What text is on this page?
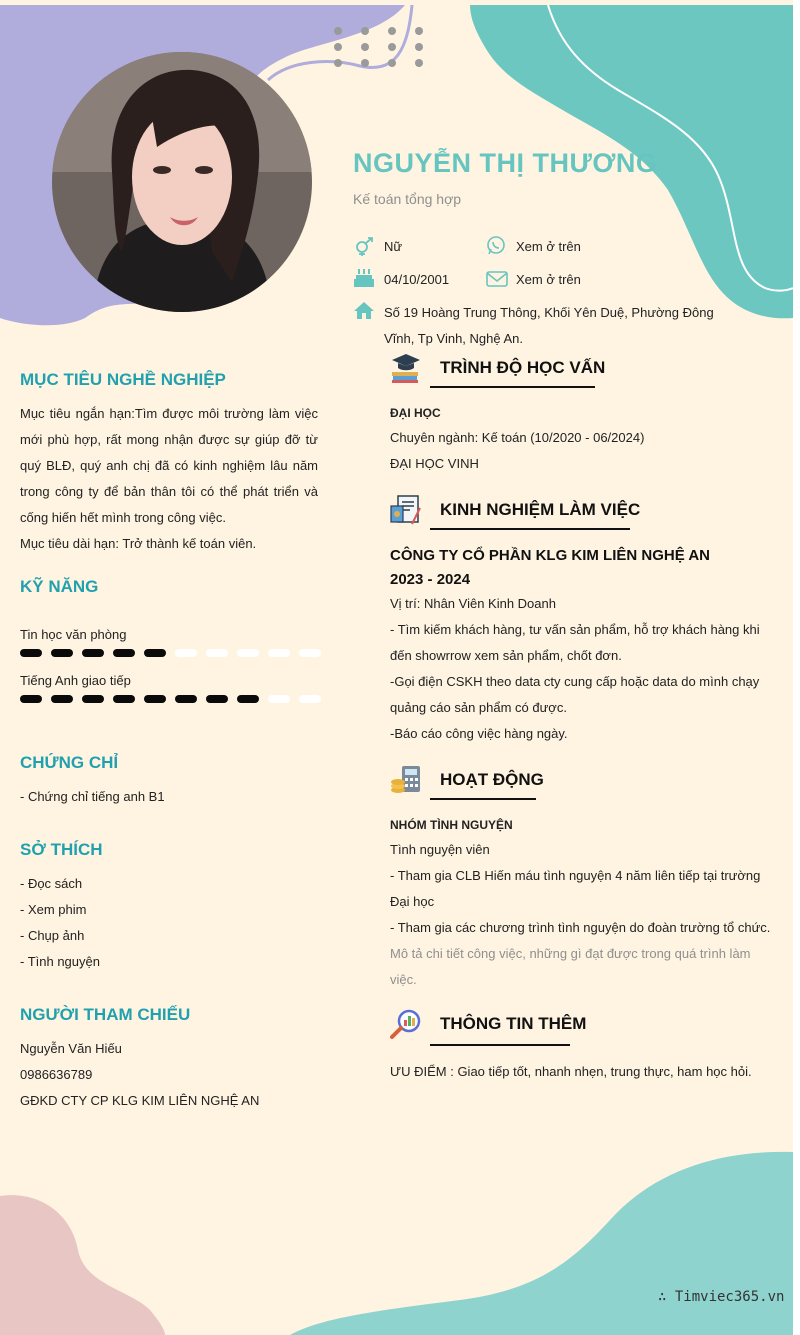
NGUYỄN THỊ THƯƠNG
Kế toán tổng hợp
Nữ	Xem ở trên
04/10/2001	Xem ở trên
Số 19 Hoàng Trung Thông, Khối Yên Duệ, Phường Đông Vĩnh, Tp Vinh, Nghệ An.
MỤC TIÊU NGHỀ NGHIỆP

Mục tiêu ngắn hạn:Tìm được môi trường làm việc mới phù hợp, rất mong nhận được sự giúp đỡ từ quý BLĐ, quý anh chị đã có kinh nghiệm lâu năm trong công ty để bản thân tôi có thể phát triển và cống hiến hết mình trong công việc.

Mục tiêu dài hạn: Trở thành kế toán viên.

KỸ NĂNG
Tin học văn phòng
Tiếng Anh giao tiếp
CHỨNG CHỈ
- Chứng chỉ tiếng anh B1
SỞ THÍCH
- Đọc sách
- Xem phim
- Chụp ảnh
- Tình nguyện
NGƯỜI THAM CHIẾU
Nguyễn Văn Hiếu
0986636789
GĐKD CTY CP KLG KIM LIÊN NGHỆ AN
TRÌNH ĐỘ HỌC VẤN
ĐẠI HỌC
Chuyên ngành: Kế toán (10/2020 - 06/2024)
ĐẠI HỌC VINH
KINH NGHIỆM LÀM VIỆC
CÔNG TY CỔ PHẦN KLG KIM LIÊN NGHỆ AN
2023 - 2024
Vị trí: Nhân Viên Kinh Doanh
- Tìm kiếm khách hàng, tư vấn sản phẩm, hỗ trợ khách hàng khi đến showrrow xem sản phẩm, chốt đơn.
-Gọi điện CSKH theo data cty cung cấp hoặc data do mình chạy quảng cáo sản phẩm có được.
-Báo cáo công việc hàng ngày.
HOẠT ĐỘNG
NHÓM TÌNH NGUYỆN
Tình nguyện viên
- Tham gia CLB Hiến máu tình nguyện 4 năm liên tiếp tại trường Đại học
- Tham gia các chương trình tình nguyện do đoàn trường tổ chức.
Mô tả chi tiết công việc, những gì đạt được trong quá trình làm việc.
THÔNG TIN THÊM
ƯU ĐIỂM : Giao tiếp tốt, nhanh nhẹn, trung thực, ham học hỏi.
∴ Timviec365.vn
